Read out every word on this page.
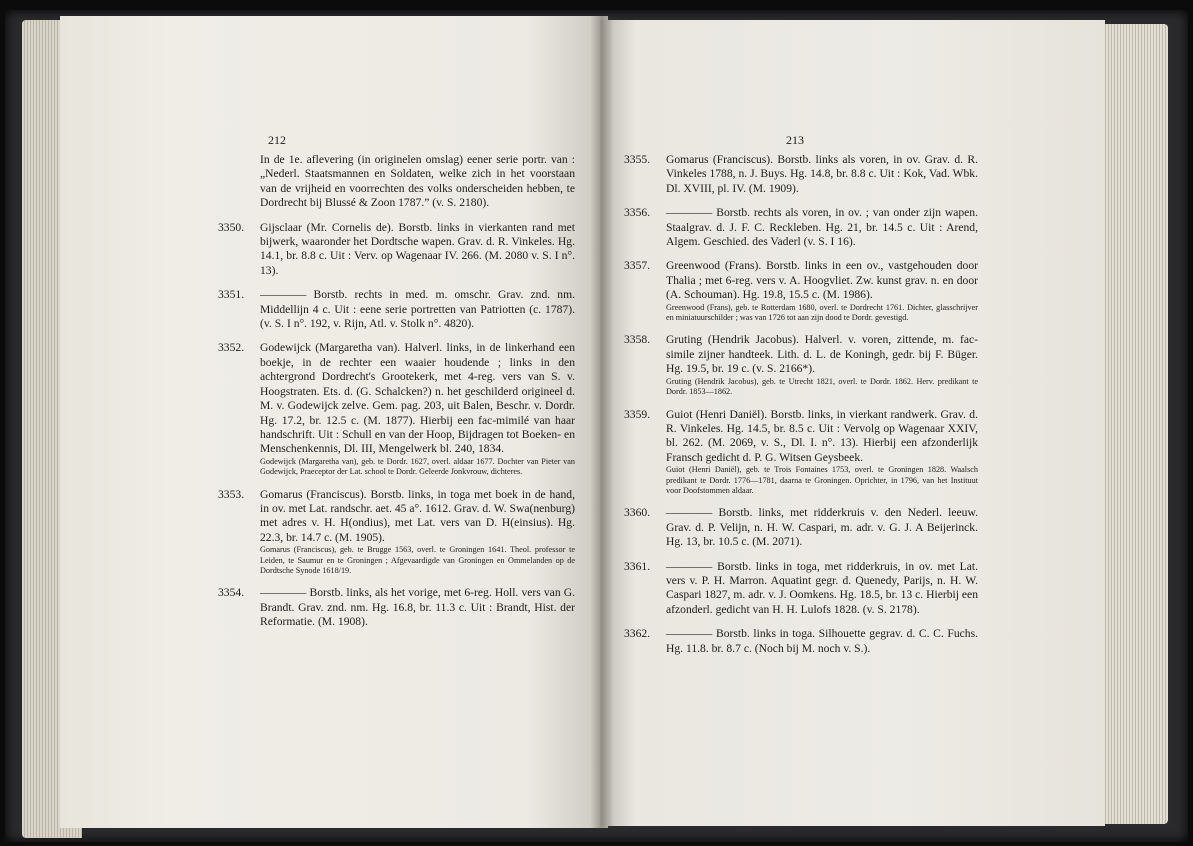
212	213
In de 1e. aflevering (in originelen omslag) eener serie portr. van : „Nederl. Staatsmannen en Soldaten, welke zich in het voorstaan van de vrijheid en voorrechten des volks onderscheiden hebben, te Dordrecht bij Blussé & Zoon 1787.” (v. S. 2180).
3350. Gijsclaar (Mr. Cornelis de). Borstb. links in vierkanten rand met bijwerk, waaronder het Dordtsche wapen. Grav. d. R. Vinkeles. Hg. 14.1, br. 8.8 c. Uit : Verv. op Wagenaar IV. 266. (M. 2080 v. S. I n°. 13).
3351. ———— Borstb. rechts in med. m. omschr. Grav. znd. nm. Middellijn 4 c. Uit : eene serie portretten van Patriotten (c. 1787). (v. S. I n°. 192, v. Rijn, Atl. v. Stolk n°. 4820).
3352. Godewijck (Margaretha van). Halverl. links, in de linkerhand een boekje, in de rechter een waaier houdende ; links in den achtergrond Dordrecht's Grootekerk, met 4-reg. vers van S. v. Hoogstraten. Ets. d. (G. Schalcken?) n. het geschilderd origineel d. M. v. Godewijck zelve. Gem. pag. 203, uit Balen, Beschr. v. Dordr. Hg. 17.2, br. 12.5 c. (M. 1877). Hierbij een fac-mimilé van haar handschrift. Uit : Schull en van der Hoop, Bijdragen tot Boeken- en Menschenkennis, Dl. III, Mengelwerk bl. 240, 1834.
Godewijck (Margaretha van), geb. te Dordr. 1627, overl. aldaar 1677. Dochter van Pieter van Godewijck, Praeceptor der Lat. school te Dordr. Geleerde Jonkvrouw, dichteres.
3353. Gomarus (Franciscus). Borstb. links, in toga met boek in de hand, in ov. met Lat. randschr. aet. 45 a°. 1612. Grav. d. W. Swa(nenburg) met adres v. H. H(ondius), met Lat. vers van D. H(einsius). Hg. 22.3, br. 14.7 c. (M. 1905).
Gomarus (Franciscus), geb. te Brugge 1563, overl. te Groningen 1641. Theol. professor te Leiden, te Saumur en te Groningen ; Afgevaardigde van Groningen en Ommelanden op de Dordtsche Synode 1618/19.
3354. ———— Borstb. links, als het vorige, met 6-reg. Holl. vers van G. Brandt. Grav. znd. nm. Hg. 16.8, br. 11.3 c. Uit : Brandt, Hist. der Reformatie. (M. 1908).
3355. Gomarus (Franciscus). Borstb. links als voren, in ov. Grav. d. R. Vinkeles 1788, n. J. Buys. Hg. 14.8, br. 8.8 c. Uit : Kok, Vad. Wbk. Dl. XVIII, pl. IV. (M. 1909).
3356. ———— Borstb. rechts als voren, in ov. ; van onder zijn wapen. Staalgrav. d. J. F. C. Reckleben. Hg. 21, br. 14.5 c. Uit : Arend, Algem. Geschied. des Vaderl (v. S. I 16).
3357. Greenwood (Frans). Borstb. links in een ov., vastgehouden door Thalia ; met 6-reg. vers v. A. Hoogvliet. Zw. kunst grav. n. en door (A. Schouman). Hg. 19.8, 15.5 c. (M. 1986).
Greenwood (Frans), geb. te Rotterdam 1680, overl. te Dordrecht 1761. Dichter, glasschrijver en miniatuurschilder ; was van 1726 tot aan zijn dood te Dordr. gevestigd.
3358. Gruting (Hendrik Jacobus). Halverl. v. voren, zittende, m. fac-simile zijner handteek. Lith. d. L. de Koningh, gedr. bij F. Büger. Hg. 19.5, br. 19 c. (v. S. 2166*).
Gruting (Hendrik Jacobus), geb. te Utrecht 1821, overl. te Dordr. 1862. Herv. predikant te Dordr. 1853—1862.
3359. Guiot (Henri Daniël). Borstb. links, in vierkant randwerk. Grav. d. R. Vinkeles. Hg. 14.5, br. 8.5 c. Uit : Vervolg op Wagenaar XXIV, bl. 262. (M. 2069, v. S., Dl. I. n°. 13). Hierbij een afzonderlijk Fransch gedicht d. P. G. Witsen Geysbeek.
Guiot (Henri Daniël), geb. te Trois Fontaines 1753, overl. te Groningen 1828. Waalsch predikant te Dordr. 1776—1781, daarna te Groningen. Oprichter, in 1796, van het Instituut voor Doofstommen aldaar.
3360. ———— Borstb. links, met ridderkruis v. den Nederl. leeuw. Grav. d. P. Velijn, n. H. W. Caspari, m. adr. v. G. J. A Beijerinck. Hg. 13, br. 10.5 c. (M. 2071).
3361. ———— Borstb. links in toga, met ridderkruis, in ov. met Lat. vers v. P. H. Marron. Aquatint gegr. d. Quenedy, Parijs, n. H. W. Caspari 1827, m. adr. v. J. Oomkens. Hg. 18.5, br. 13 c. Hierbij een afzonderl. gedicht van H. H. Lulofs 1828. (v. S. 2178).
3362. ———— Borstb. links in toga. Silhouette gegrav. d. C. C. Fuchs. Hg. 11.8. br. 8.7 c. (Noch bij M. noch v. S.).
